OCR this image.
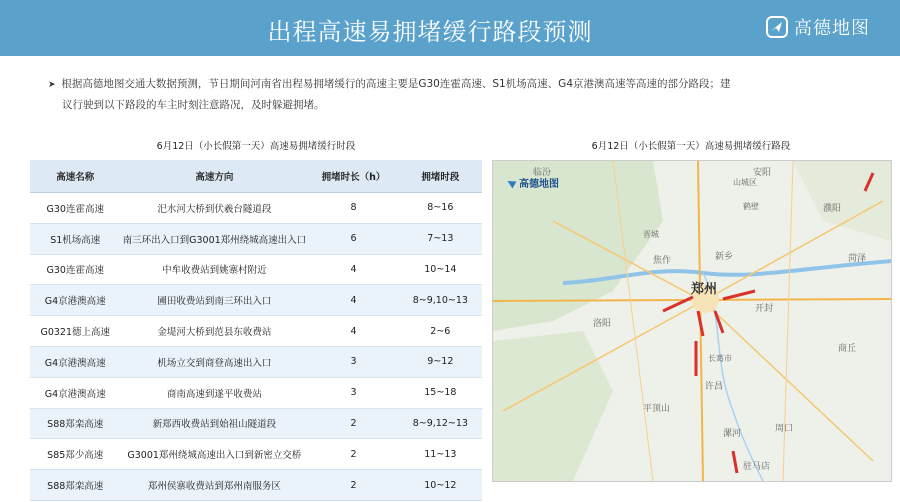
出程高速易拥堵缓行路段预测	高德地图
➤ 根据高德地图交通大数据预测，节日期间河南省出程易拥堵缓行的高速主要是G30连霍高速、S1机场高速、G4京港澳高速等高速的部分路段；建
议行驶到以下路段的车主时刻注意路况，及时躲避拥堵。
6月12日（小长假第一天）高速易拥堵缓行时段	6月12日（小长假第一天）高速易拥堵缓行路段
高速名称	高速方向	拥堵时长（h）	拥堵时段
G30连霍高速	汜水河大桥到伏羲台隧道段	8	8~16
S1机场高速	南三环出入口到G3001郑州绕城高速出入口	6	7~13
G30连霍高速	中牟收费站到姚寨村附近	4	10~14
G4京港澳高速	圃田收费站到南三环出入口	4	8~9,10~13
G0321德上高速	金堤河大桥到范县东收费站	4	2~6
G4京港澳高速	机场立交到商登高速出入口	3	9~12
G4京港澳高速	商南高速到遂平收费站	3	15~18
S88郑栾高速	新郑西收费站到始祖山隧道段	2	8~9,12~13
S85郑少高速	G3001郑州绕城高速出入口到新密立交桥	2	11~13
S88郑栾高速	郑州侯寨收费站到郑州南服务区	2	10~12
郑州
临汾	安阳
山城区
濮阳
焦作	新乡
开封
菏泽
洛阳
平顶山
许昌
周口
商丘
漯河
驻马店
晋城
鹤壁
长葛市
高德地图
